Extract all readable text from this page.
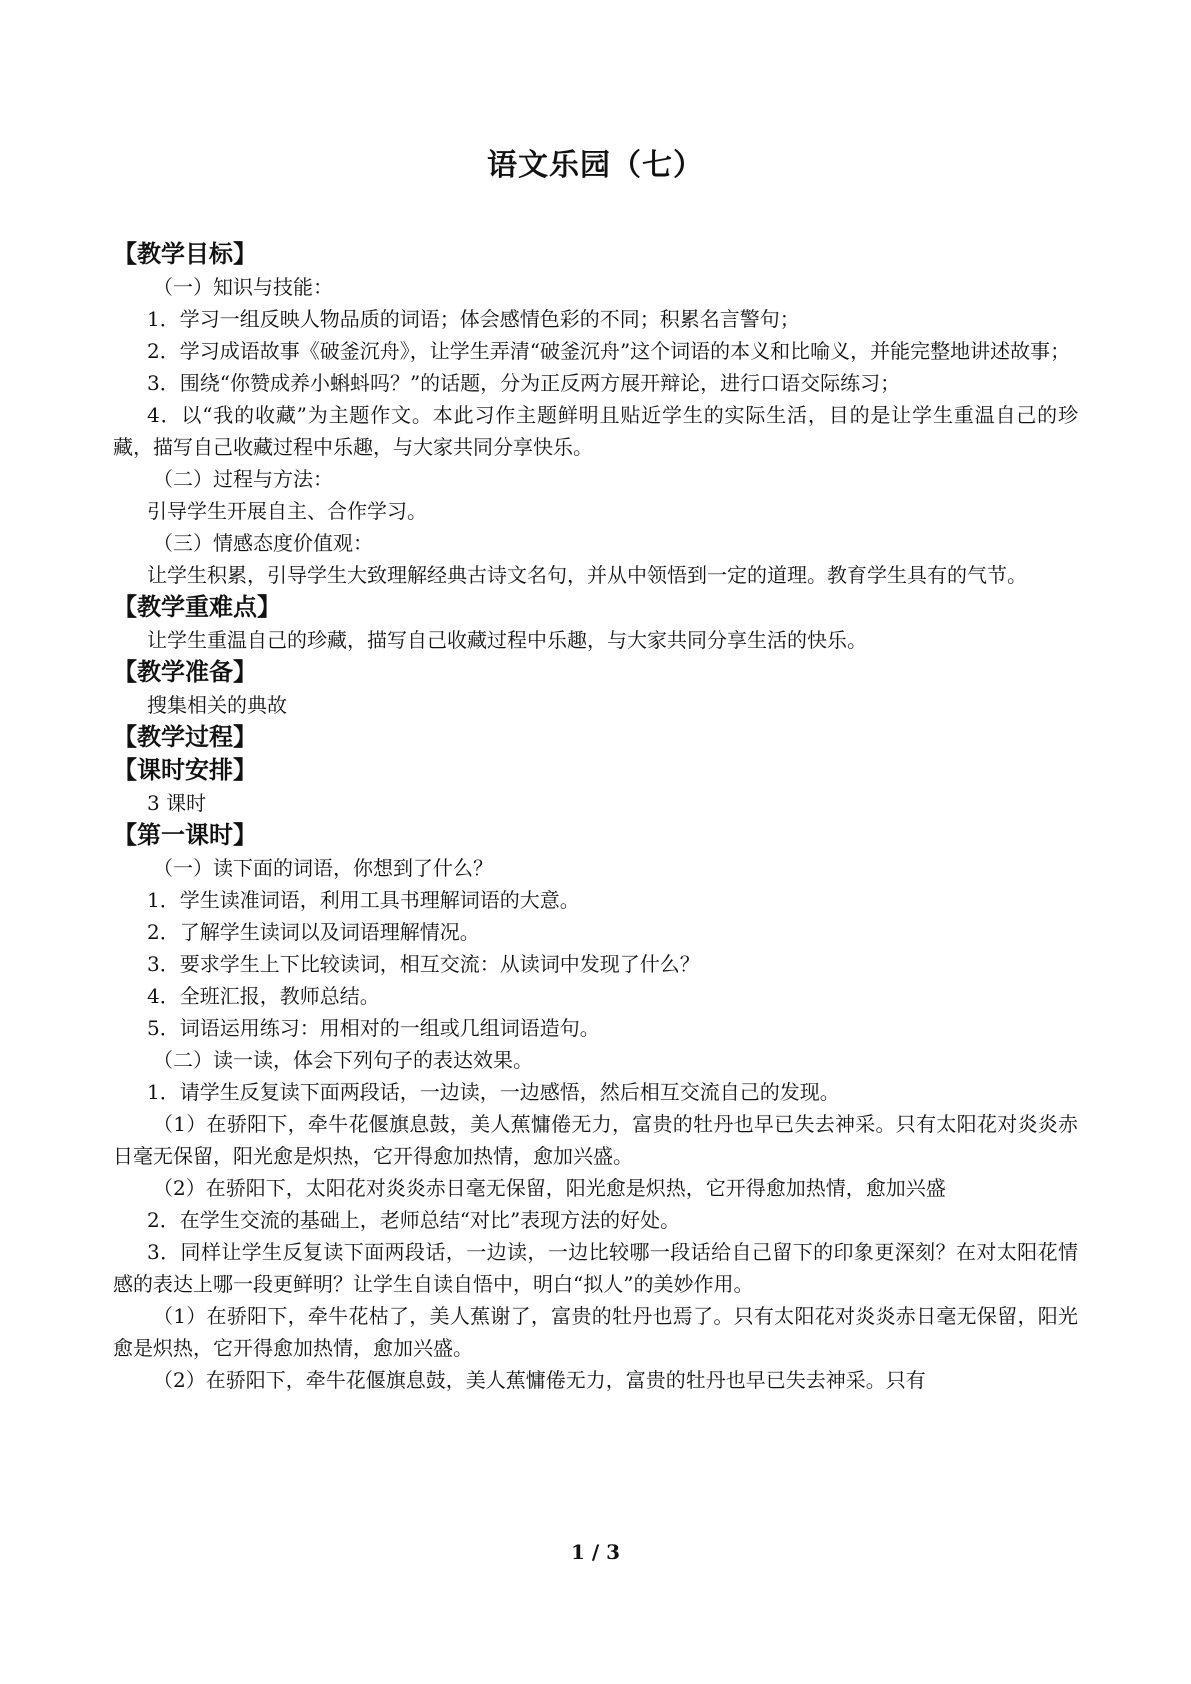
语文乐园（七）

【教学目标】

（一）知识与技能：

1．学习一组反映人物品质的词语；体会感情色彩的不同；积累名言警句；

2．学习成语故事《破釜沉舟》，让学生弄清“破釜沉舟”这个词语的本义和比喻义，并能完整地讲述故事；

3．围绕“你赞成养小蝌蚪吗？”的话题，分为正反两方展开辩论，进行口语交际练习；

4．以“我的收藏”为主题作文。本此习作主题鲜明且贴近学生的实际生活，目的是让学生重温自己的珍藏，描写自己收藏过程中乐趣，与大家共同分享快乐。

（二）过程与方法：

引导学生开展自主、合作学习。

（三）情感态度价值观：

让学生积累，引导学生大致理解经典古诗文名句，并从中领悟到一定的道理。教育学生具有的气节。

【教学重难点】

让学生重温自己的珍藏，描写自己收藏过程中乐趣，与大家共同分享生活的快乐。

【教学准备】

搜集相关的典故

【教学过程】

【课时安排】

3 课时

【第一课时】

（一）读下面的词语，你想到了什么？

1．学生读准词语，利用工具书理解词语的大意。

2．了解学生读词以及词语理解情况。

3．要求学生上下比较读词，相互交流：从读词中发现了什么？

4．全班汇报，教师总结。

5．词语运用练习：用相对的一组或几组词语造句。

（二）读一读，体会下列句子的表达效果。

1．请学生反复读下面两段话，一边读，一边感悟，然后相互交流自己的发现。

（1）在骄阳下，牵牛花偃旗息鼓，美人蕉慵倦无力，富贵的牡丹也早已失去神采。只有太阳花对炎炎赤日毫无保留，阳光愈是炽热，它开得愈加热情，愈加兴盛。

（2）在骄阳下，太阳花对炎炎赤日毫无保留，阳光愈是炽热，它开得愈加热情，愈加兴盛

2．在学生交流的基础上，老师总结“对比”表现方法的好处。

3．同样让学生反复读下面两段话，一边读，一边比较哪一段话给自己留下的印象更深刻？在对太阳花情感的表达上哪一段更鲜明？让学生自读自悟中，明白“拟人”的美妙作用。

（1）在骄阳下，牵牛花枯了，美人蕉谢了，富贵的牡丹也焉了。只有太阳花对炎炎赤日毫无保留，阳光愈是炽热，它开得愈加热情，愈加兴盛。

（2）在骄阳下，牵牛花偃旗息鼓，美人蕉慵倦无力，富贵的牡丹也早已失去神采。只有

1 / 3
